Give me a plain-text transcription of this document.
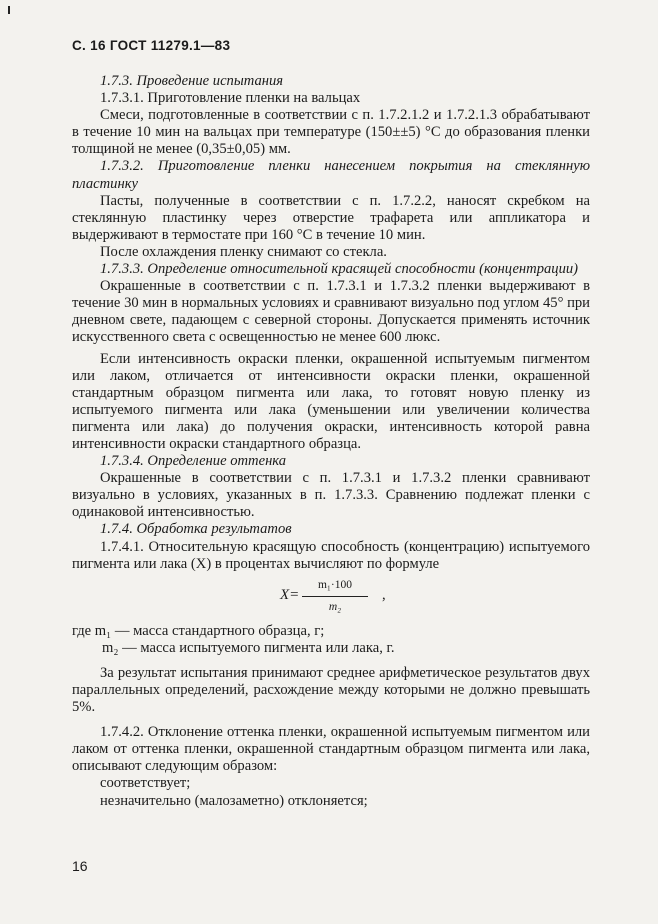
С. 16 ГОСТ 11279.1—83

1.7.3. Проведение испытания

1.7.3.1. Приготовление пленки на вальцах

Смеси, подготовленные в соответствии с п. 1.7.2.1.2 и 1.7.2.1.3 обрабатывают в течение 10 мин на вальцах при температуре (150±±5) °С до образования пленки толщиной не менее (0,35±0,05) мм.

1.7.3.2. Приготовление пленки нанесением покрытия на стеклянную пластинку

Пасты, полученные в соответствии с п. 1.7.2.2, наносят скребком на стеклянную пластинку через отверстие трафарета или аппликатора и выдерживают в термостате при 160 °С в течение 10 мин.

После охлаждения пленку снимают со стекла.

1.7.3.3. Определение относительной красящей способности (концентрации)

Окрашенные в соответствии с п. 1.7.3.1 и 1.7.3.2 пленки выдерживают в течение 30 мин в нормальных условиях и сравнивают визуально под углом 45° при дневном свете, падающем с северной стороны. Допускается применять источник искусственного света с освещенностью не менее 600 люкс.

Если интенсивность окраски пленки, окрашенной испытуемым пигментом или лаком, отличается от интенсивности окраски пленки, окрашенной стандартным образцом пигмента или лака, то готовят новую пленку из испытуемого пигмента или лака (уменьшении или увеличении количества пигмента или лака) до получения окраски, интенсивность которой равна интенсивности окраски стандартного образца.

1.7.3.4. Определение оттенка

Окрашенные в соответствии с п. 1.7.3.1 и 1.7.3.2 пленки сравнивают визуально в условиях, указанных в п. 1.7.3.3. Сравнению подлежат пленки с одинаковой интенсивностью.

1.7.4. Обработка результатов

1.7.4.1. Относительную красящую способность (концентрацию) испытуемого пигмента или лака (X) в процентах вычисляют по формуле

$X= \frac{\text{m₁·100}}{\text{m₂}}$ ,

где m₁ — масса стандартного образца, г;

m₂ — масса испытуемого пигмента или лака, г.

За результат испытания принимают среднее арифметическое результатов двух параллельных определений, расхождение между которыми не должно превышать 5%.

1.7.4.2. Отклонение оттенка пленки, окрашенной испытуемым пигментом или лаком от оттенка пленки, окрашенной стандартным образцом пигмента или лака, описывают следующим образом:

соответствует;

незначительно (малозаметно) отклоняется;

16
